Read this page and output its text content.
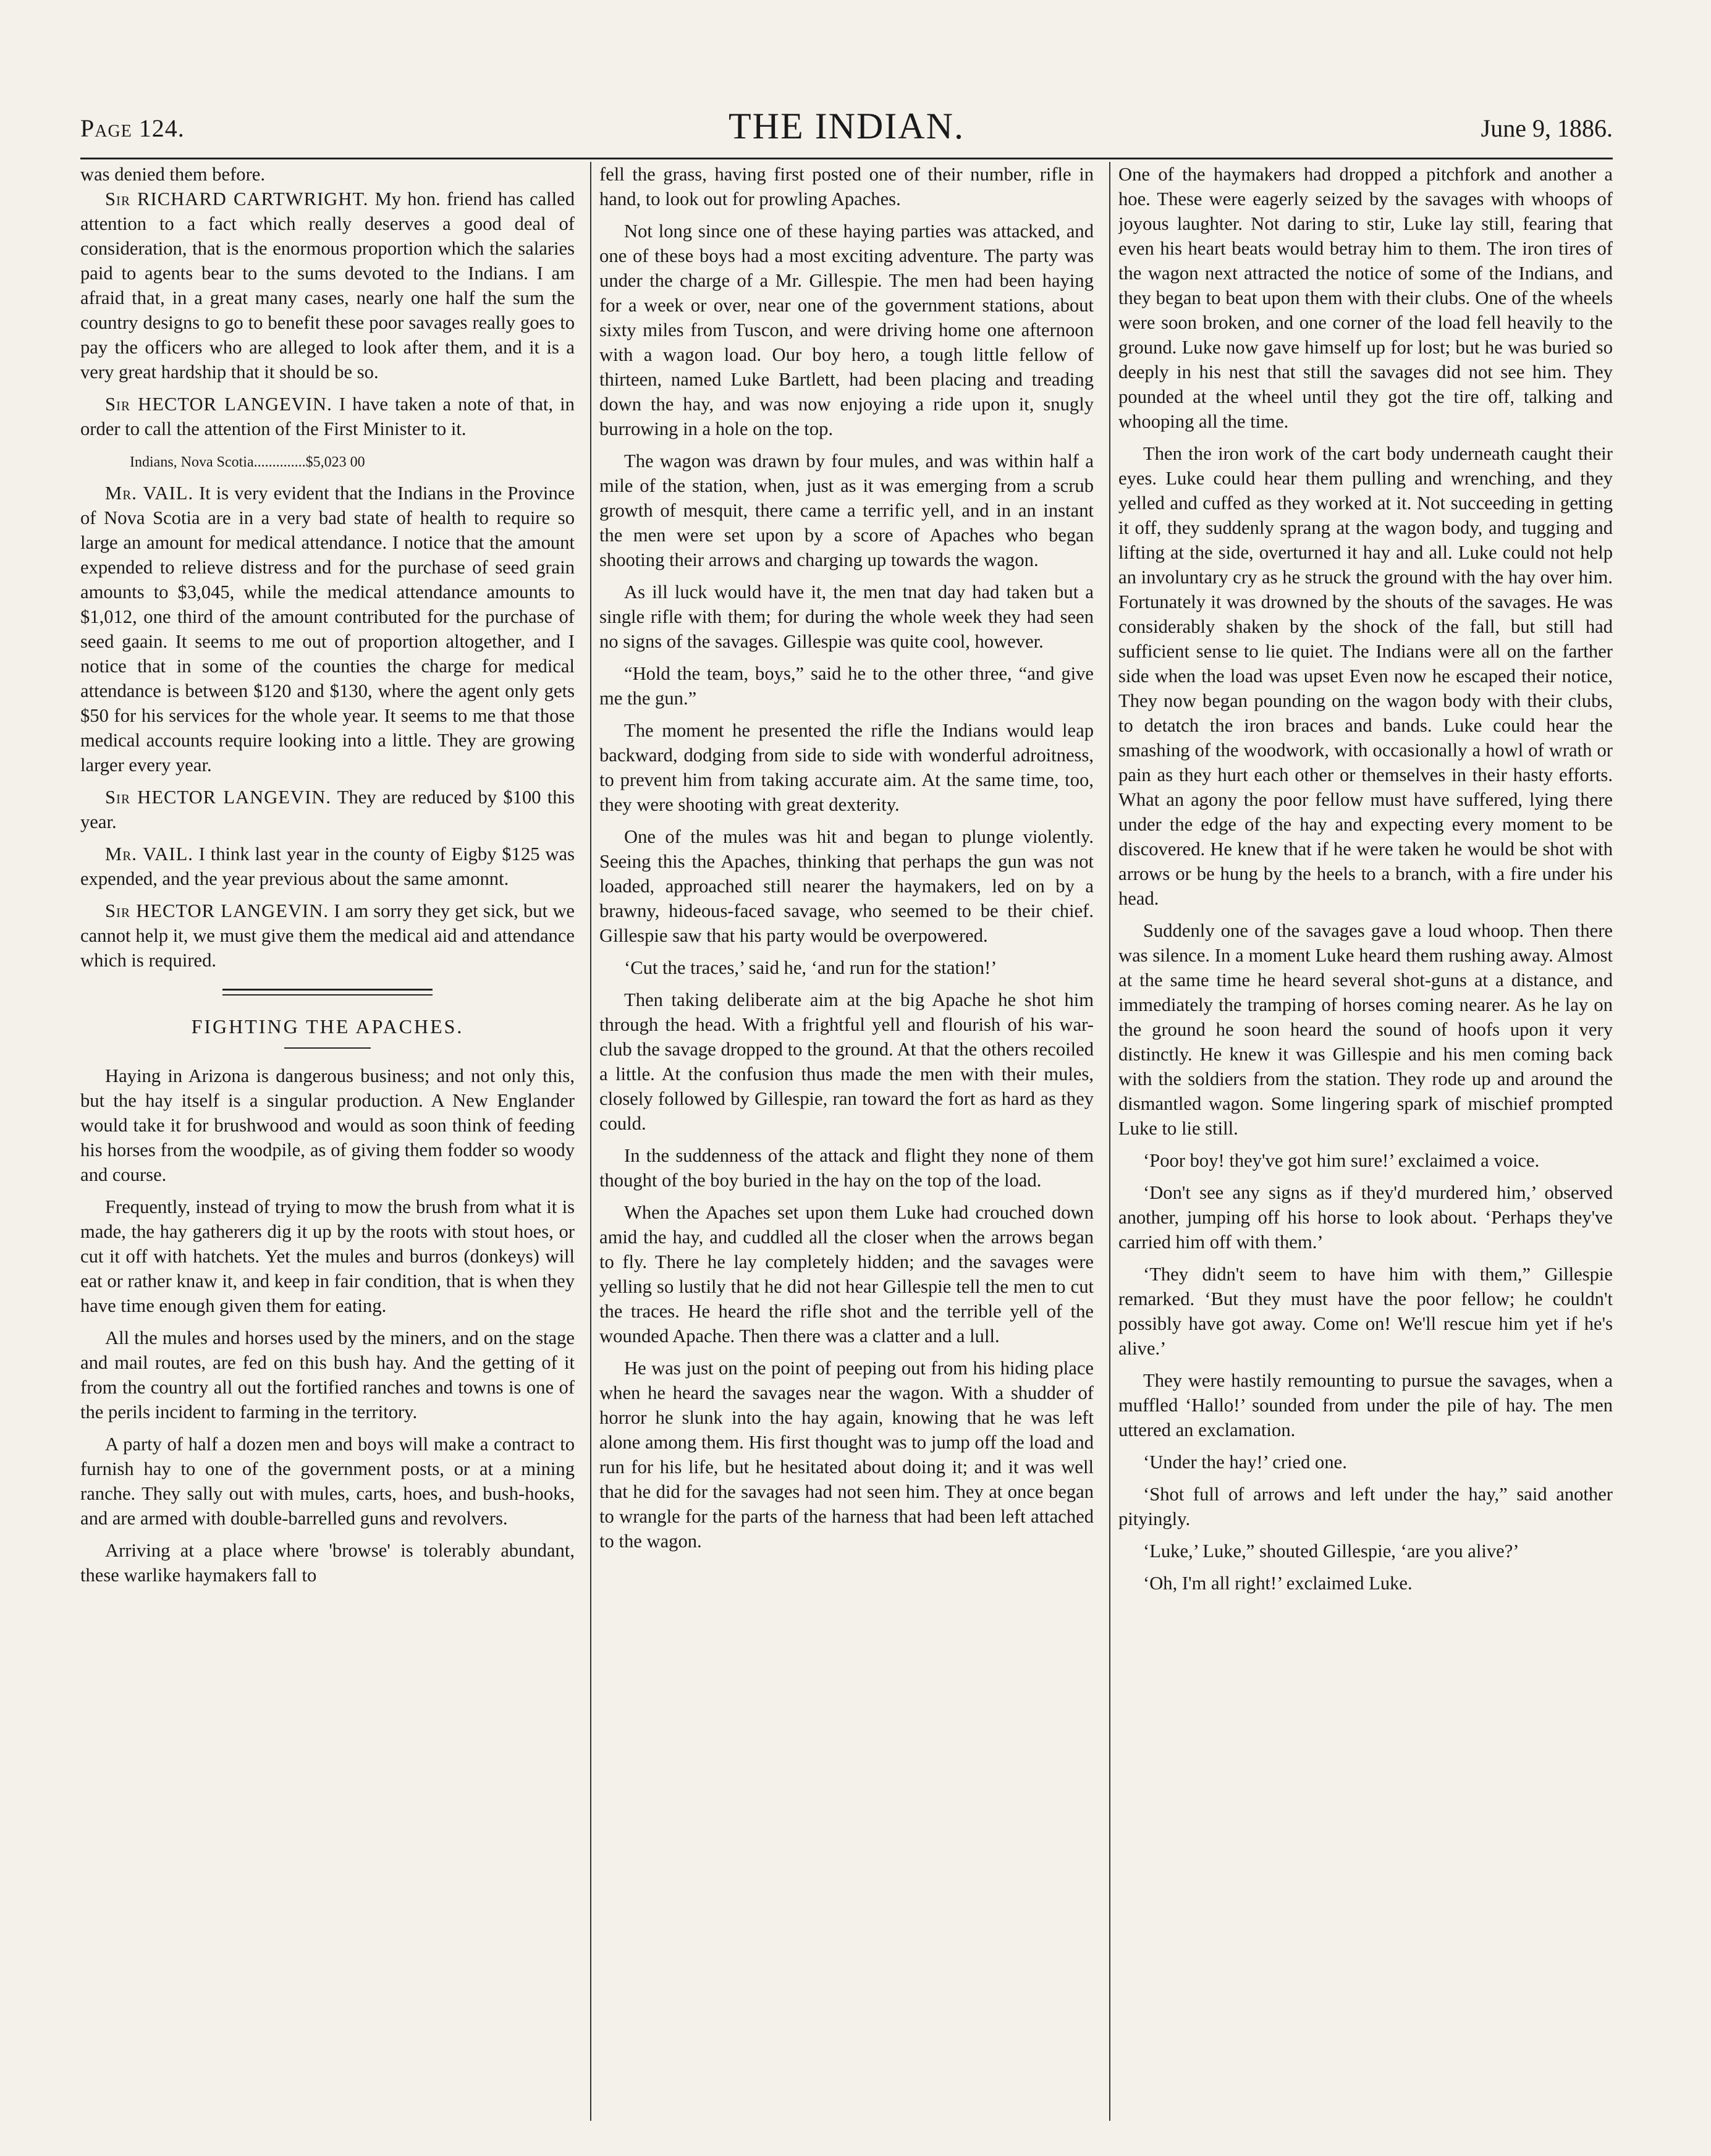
Page 124.	THE INDIAN.	June 9, 1886.

was denied them before.

Sir RICHARD CARTWRIGHT. My hon. friend has called attention to a fact which really deserves a good deal of consideration, that is the enormous proportion which the salaries paid to agents bear to the sums devoted to the Indians. I am afraid that, in a great many cases, nearly one half the sum the country designs to go to benefit these poor savages really goes to pay the officers who are alleged to look after them, and it is a very great hardship that it should be so.

Sir HECTOR LANGEVIN. I have taken a note of that, in order to call the attention of the First Minister to it.

Indians, Nova Scotia..............$5,023 00

Mr. VAIL. It is very evident that the Indians in the Province of Nova Scotia are in a very bad state of health to require so large an amount for medical attendance. I notice that the amount expended to relieve distress and for the purchase of seed grain amounts to $3,045, while the medical attendance amounts to $1,012, one third of the amount contributed for the purchase of seed gaain. It seems to me out of proportion altogether, and I notice that in some of the counties the charge for medical attendance is between $120 and $130, where the agent only gets $50 for his services for the whole year. It seems to me that those medical accounts require looking into a little. They are growing larger every year.

Sir HECTOR LANGEVIN. They are reduced by $100 this year.

Mr. VAIL. I think last year in the county of Eigby $125 was expended, and the year previous about the same amonnt.

Sir HECTOR LANGEVIN. I am sorry they get sick, but we cannot help it, we must give them the medical aid and attendance which is required.

FIGHTING THE APACHES.

Haying in Arizona is dangerous business; and not only this, but the hay itself is a singular production. A New Englander would take it for brushwood and would as soon think of feeding his horses from the woodpile, as of giving them fodder so woody and course.

Frequently, instead of trying to mow the brush from what it is made, the hay gatherers dig it up by the roots with stout hoes, or cut it off with hatchets. Yet the mules and burros (donkeys) will eat or rather knaw it, and keep in fair condition, that is when they have time enough given them for eating.

All the mules and horses used by the miners, and on the stage and mail routes, are fed on this bush hay. And the getting of it from the country all out the fortified ranches and towns is one of the perils incident to farming in the territory.

A party of half a dozen men and boys will make a contract to furnish hay to one of the government posts, or at a mining ranche. They sally out with mules, carts, hoes, and bush-hooks, and are armed with double-barrelled guns and revolvers.

Arriving at a place where 'browse' is tolerably abundant, these warlike haymakers fall to

fell the grass, having first posted one of their number, rifle in hand, to look out for prowling Apaches.

Not long since one of these haying parties was attacked, and one of these boys had a most exciting adventure. The party was under the charge of a Mr. Gillespie. The men had been haying for a week or over, near one of the government stations, about sixty miles from Tuscon, and were driving home one afternoon with a wagon load. Our boy hero, a tough little fellow of thirteen, named Luke Bartlett, had been placing and treading down the hay, and was now enjoying a ride upon it, snugly burrowing in a hole on the top.

The wagon was drawn by four mules, and was within half a mile of the station, when, just as it was emerging from a scrub growth of mesquit, there came a terrific yell, and in an instant the men were set upon by a score of Apaches who began shooting their arrows and charging up towards the wagon.

As ill luck would have it, the men tnat day had taken but a single rifle with them; for during the whole week they had seen no signs of the savages. Gillespie was quite cool, however.

“Hold the team, boys,” said he to the other three, “and give me the gun.”

The moment he presented the rifle the Indians would leap backward, dodging from side to side with wonderful adroitness, to prevent him from taking accurate aim. At the same time, too, they were shooting with great dexterity.

One of the mules was hit and began to plunge violently. Seeing this the Apaches, thinking that perhaps the gun was not loaded, approached still nearer the haymakers, led on by a brawny, hideous-faced savage, who seemed to be their chief. Gillespie saw that his party would be overpowered.

‘Cut the traces,’ said he, ‘and run for the station!’

Then taking deliberate aim at the big Apache he shot him through the head. With a frightful yell and flourish of his war-club the savage dropped to the ground. At that the others recoiled a little. At the confusion thus made the men with their mules, closely followed by Gillespie, ran toward the fort as hard as they could.

In the suddenness of the attack and flight they none of them thought of the boy buried in the hay on the top of the load.

When the Apaches set upon them Luke had crouched down amid the hay, and cuddled all the closer when the arrows began to fly. There he lay completely hidden; and the savages were yelling so lustily that he did not hear Gillespie tell the men to cut the traces. He heard the rifle shot and the terrible yell of the wounded Apache. Then there was a clatter and a lull.

He was just on the point of peeping out from his hiding place when he heard the savages near the wagon. With a shudder of horror he slunk into the hay again, knowing that he was left alone among them. His first thought was to jump off the load and run for his life, but he hesitated about doing it; and it was well that he did for the savages had not seen him. They at once began to wrangle for the parts of the harness that had been left attached to the wagon.

One of the haymakers had dropped a pitchfork and another a hoe. These were eagerly seized by the savages with whoops of joyous laughter. Not daring to stir, Luke lay still, fearing that even his heart beats would betray him to them. The iron tires of the wagon next attracted the notice of some of the Indians, and they began to beat upon them with their clubs. One of the wheels were soon broken, and one corner of the load fell heavily to the ground. Luke now gave himself up for lost; but he was buried so deeply in his nest that still the savages did not see him. They pounded at the wheel until they got the tire off, talking and whooping all the time.

Then the iron work of the cart body underneath caught their eyes. Luke could hear them pulling and wrenching, and they yelled and cuffed as they worked at it. Not succeeding in getting it off, they suddenly sprang at the wagon body, and tugging and lifting at the side, overturned it hay and all. Luke could not help an involuntary cry as he struck the ground with the hay over him. Fortunately it was drowned by the shouts of the savages. He was considerably shaken by the shock of the fall, but still had sufficient sense to lie quiet. The Indians were all on the farther side when the load was upset Even now he escaped their notice, They now began pounding on the wagon body with their clubs, to detatch the iron braces and bands. Luke could hear the smashing of the woodwork, with occasionally a howl of wrath or pain as they hurt each other or themselves in their hasty efforts. What an agony the poor fellow must have suffered, lying there under the edge of the hay and expecting every moment to be discovered. He knew that if he were taken he would be shot with arrows or be hung by the heels to a branch, with a fire under his head.

Suddenly one of the savages gave a loud whoop. Then there was silence. In a moment Luke heard them rushing away. Almost at the same time he heard several shot-guns at a distance, and immediately the tramping of horses coming nearer. As he lay on the ground he soon heard the sound of hoofs upon it very distinctly. He knew it was Gillespie and his men coming back with the soldiers from the station. They rode up and around the dismantled wagon. Some lingering spark of mischief prompted Luke to lie still.

‘Poor boy! they've got him sure!’ exclaimed a voice.

‘Don't see any signs as if they'd murdered him,’ observed another, jumping off his horse to look about. ‘Perhaps they've carried him off with them.’

‘They didn't seem to have him with them,” Gillespie remarked. ‘But they must have the poor fellow; he couldn't possibly have got away. Come on! We'll rescue him yet if he's alive.’

They were hastily remounting to pursue the savages, when a muffled ‘Hallo!’ sounded from under the pile of hay. The men uttered an exclamation.

‘Under the hay!’ cried one.

‘Shot full of arrows and left under the hay,” said another pityingly.

‘Luke,’ Luke,” shouted Gillespie, ‘are you alive?’

‘Oh, I'm all right!’ exclaimed Luke.
